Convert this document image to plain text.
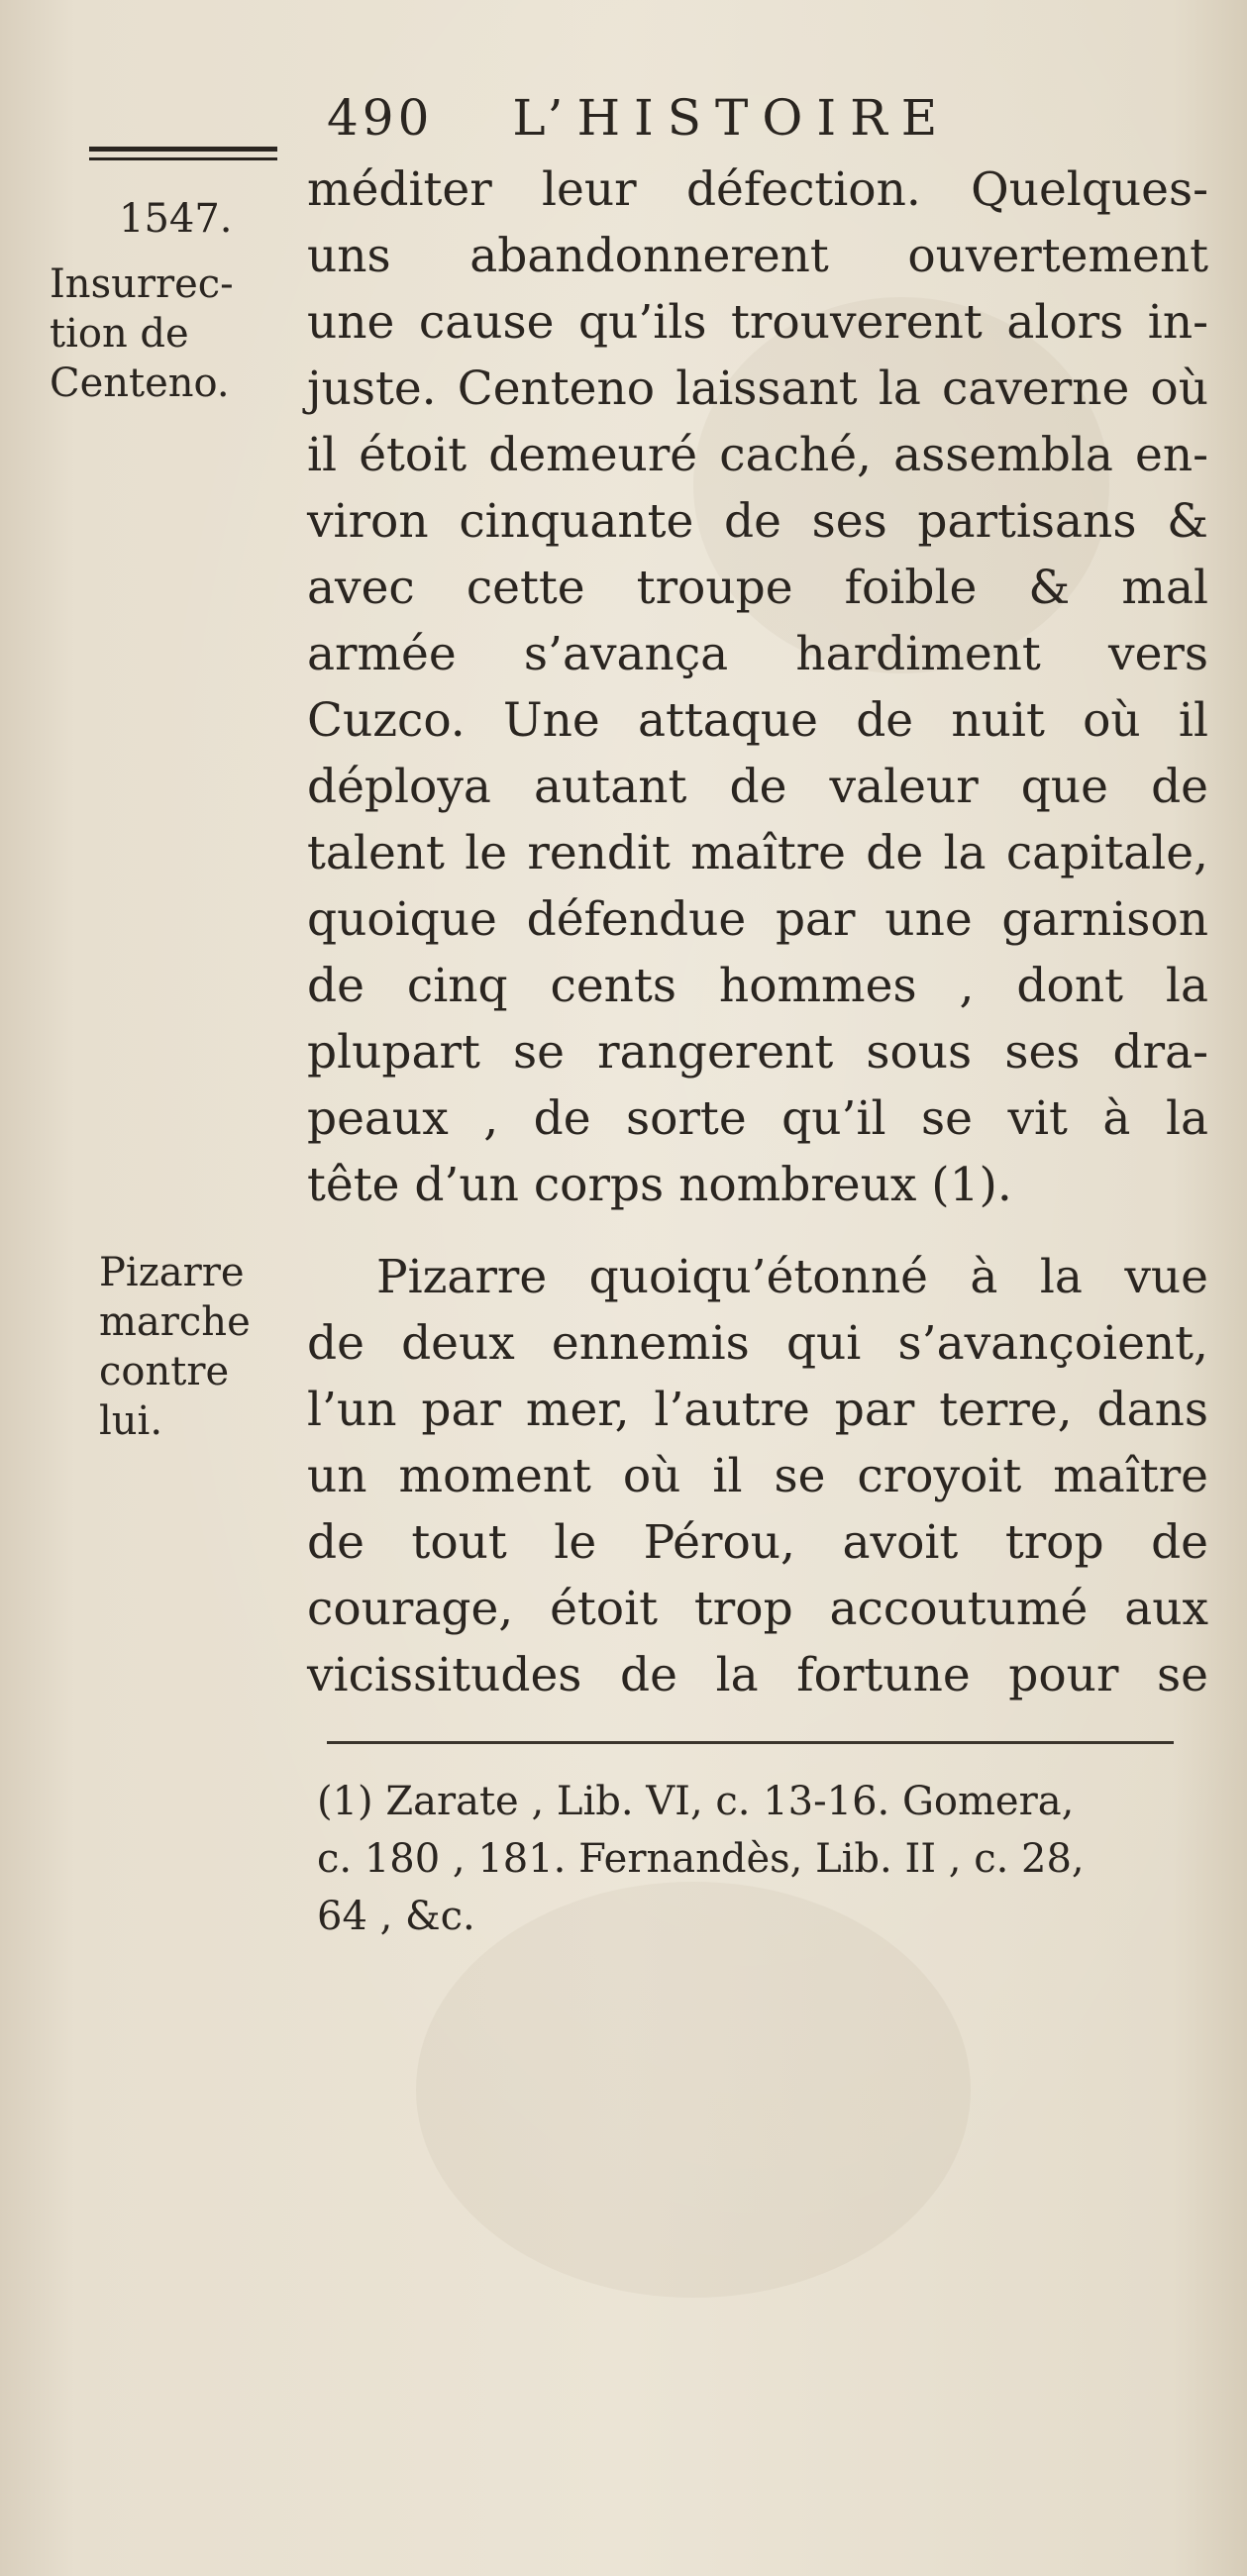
490 L’HISTOIRE
1547.
Insurrec-
tion de
Centeno.
Pizarre
marche
contre
lui.
méditer leur défection. Quelques-
uns abandonnerent ouvertement
une cause qu’ils trouverent alors in-
juste. Centeno laissant la caverne où
il étoit demeuré caché, assembla en-
viron cinquante de ses partisans &
avec cette troupe foible & mal
armée s’avança hardiment vers
Cuzco. Une attaque de nuit où il
déploya autant de valeur que de
talent le rendit maître de la capitale,
quoique défendue par une garnison
de cinq cents hommes , dont la
plupart se rangerent sous ses dra-
peaux , de sorte qu’il se vit à la
tête d’un corps nombreux (1).
Pizarre quoiqu’étonné à la vue
de deux ennemis qui s’avançoient,
l’un par mer, l’autre par terre, dans
un moment où il se croyoit maître
de tout le Pérou, avoit trop de
courage, étoit trop accoutumé aux
vicissitudes de la fortune pour se
(1) Zarate , Lib. VI, c. 13-16. Gomera,
c. 180 , 181. Fernandès, Lib. II , c. 28,
64 , &c.
